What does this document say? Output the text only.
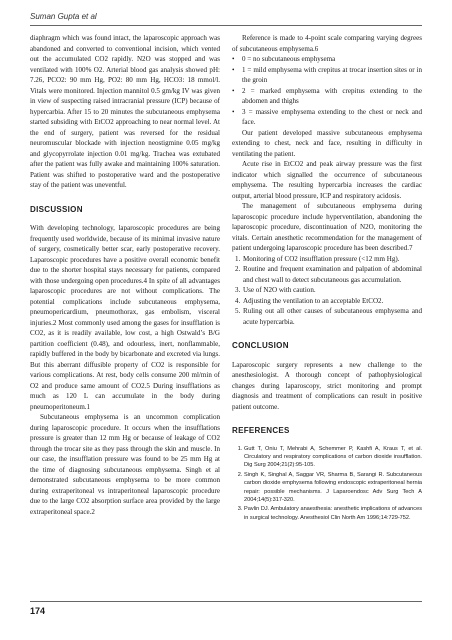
Suman Gupta et al

diaphragm which was found intact, the laparoscopic approach was abandoned and converted to conventional incision, which vented out the accumulated CO2 rapidly. N2O was stopped and was ventilated with 100% O2. Arterial blood gas analysis showed pH: 7.26, PCO2: 90 mm Hg, PO2: 80 mm Hg, HCO3: 18 mmol/l. Vitals were monitored. Injection mannitol 0.5 gm/kg IV was given in view of suspecting raised intracranial pressure (ICP) because of hypercarbia. After 15 to 20 minutes the subcutaneous emphysema started subsiding with EtCO2 approaching to near normal level. At the end of surgery, patient was reversed for the residual neuromuscular blockade with injection neostigmine 0.05 mg/kg and glycopyrrolate injection 0.01 mg/kg. Trachea was extubated after the patient was fully awake and maintaining 100% saturation. Patient was shifted to postoperative ward and the postoperative stay of the patient was uneventful.

DISCUSSION

With developing technology, laparoscopic procedures are being frequently used worldwide, because of its minimal invasive nature of surgery, cosmetically better scar, early postoperative recovery. Laparoscopic procedures have a positive overall economic benefit due to the shorter hospital stays necessary for patients, compared with those undergoing open procedures.4 In spite of all advantages laparoscopic procedures are not without complications. The potential complications include subcutaneous emphysema, pneumopericardium, pneumothorax, gas embolism, visceral injuries.2 Most commonly used among the gases for insufflation is CO2, as it is readily available, low cost, a high Ostwald’s B/G partition coefficient (0.48), and odourless, inert, nonflammable, rapidly buffered in the body by bicarbonate and excreted via lungs. But this aberrant diffusible property of CO2 is responsible for various complications. At rest, body cells consume 200 ml/min of O2 and produce same amount of CO2.5 During insufflations as much as 120 L can accumulate in the body during pneumoperitoneum.1

Subcutaneous emphysema is an uncommon complication during laparoscopic procedure. It occurs when the insufflations pressure is greater than 12 mm Hg or because of leakage of CO2 through the trocar site as they pass through the skin and muscle. In our case, the insufflation pressure was found to be 25 mm Hg at the time of diagnosing subcutaneous emphysema. Singh et al demonstrated subcutaneous emphysema to be more common during extraperitoneal vs intraperitoneal laparoscopic procedure due to the large CO2 absorption surface area provided by the large extraperitoneal space.2

Reference is made to 4-point scale comparing varying degrees of subcutaneous emphysema.6

• 0 = no subcutaneous emphysema
• 1 = mild emphysema with crepitus at trocar insertion sites or in the groin
• 2 = marked emphysema with crepitus extending to the abdomen and thighs
• 3 = massive emphysema extending to the chest or neck and face.

Our patient developed massive subcutaneous emphysema extending to chest, neck and face, resulting in difficulty in ventilating the patient.

Acute rise in EtCO2 and peak airway pressure was the first indicator which signalled the occurrence of subcutaneous emphysema. The resulting hypercarbia increases the cardiac output, arterial blood pressure, ICP and respiratory acidosis.

The management of subcutaneous emphysema during laparoscopic procedure include hyperventilation, abandoning the laparoscopic procedure, discontinuation of N2O, monitoring the vitals. Certain anesthetic recommendation for the management of patient undergoing laparoscopic procedure has been described.7

1. Monitoring of CO2 insufflation pressure (<12 mm Hg).
2. Routine and frequent examination and palpation of abdominal and chest wall to detect subcutaneous gas accumulation.
3. Use of N2O with caution.
4. Adjusting the ventilation to an acceptable EtCO2.
5. Ruling out all other causes of subcutaneous emphysema and acute hypercarbia.
CONCLUSION

Laparoscopic surgery represents a new challenge to the anesthesiologist. A thorough concept of pathophysiological changes during laparoscopy, strict monitoring and prompt diagnosis and treatment of complications can result in positive patient outcome.

REFERENCES
1. Gutt T, Oniu T, Mehrabi A, Schemmer P, Kashfi A, Kraus T, et al. Circulatory and respiratory complications of carbon dioxide insufflation. Dig Surg 2004;21(2):95-105.
2. Singh K, Singhal A, Saggar VR, Sharma B, Sarangi R. Subcutaneous carbon dioxide emphysema following endoscopic extraperitoneal hernia repair: possible mechanisms. J Laparoendosc Adv Surg Tech A 2004;14(5):317-320.
3. Pavlin DJ. Ambulatory anaesthesia: anesthetic implications of advances in surgical technology. Anesthesiol Clin North Am 1996;14:729-752.
174
